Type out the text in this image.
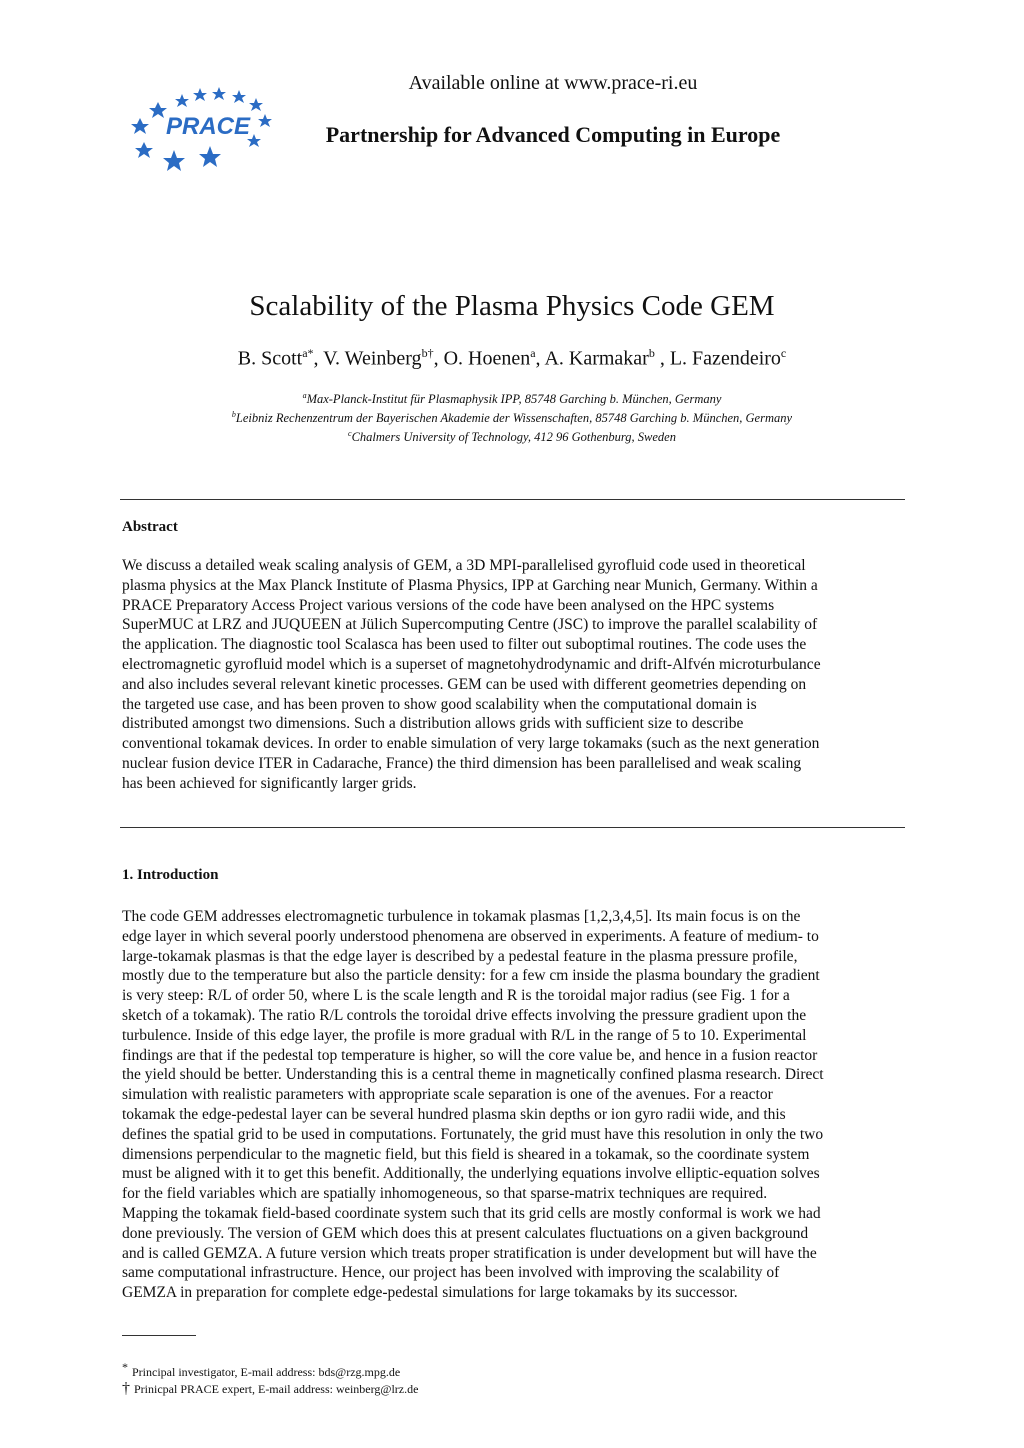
PRACE
Available online at www.prace-ri.eu
Partnership for Advanced Computing in Europe
Scalability of the Plasma Physics Code GEM
B. Scott$^{a*}$, V. Weinberg$^{b\dagger}$, O. Hoenen$^a$, A. Karmakar$^b$ , L. Fazendeiro$^c$
$^a$Max-Planck-Institut für Plasmaphysik IPP, 85748 Garching b. München, Germany
$^b$Leibniz Rechenzentrum der Bayerischen Akademie der Wissenschaften, 85748 Garching b. München, Germany
$^c$Chalmers University of Technology, 412 96 Gothenburg, Sweden
Abstract
We discuss a detailed weak scaling analysis of GEM, a 3D MPI-parallelised gyrofluid code used in theoretical
plasma physics at the Max Planck Institute of Plasma Physics, IPP at Garching near Munich, Germany. Within a
PRACE Preparatory Access Project various versions of the code have been analysed on the HPC systems
SuperMUC at LRZ and JUQUEEN at Jülich Supercomputing Centre (JSC) to improve the parallel scalability of
the application. The diagnostic tool Scalasca has been used to filter out suboptimal routines. The code uses the
electromagnetic gyrofluid model which is a superset of magnetohydrodynamic and drift-Alfvén microturbulance
and also includes several relevant kinetic processes. GEM can be used with different geometries depending on
the targeted use case, and has been proven to show good scalability when the computational domain is
distributed amongst two dimensions. Such a distribution allows grids with sufficient size to describe
conventional tokamak devices. In order to enable simulation of very large tokamaks (such as the next generation
nuclear fusion device ITER in Cadarache, France) the third dimension has been parallelised and weak scaling
has been achieved for significantly larger grids.
1. Introduction
The code GEM addresses electromagnetic turbulence in tokamak plasmas [1,2,3,4,5]. Its main focus is on the
edge layer in which several poorly understood phenomena are observed in experiments. A feature of medium- to
large-tokamak plasmas is that the edge layer is described by a pedestal feature in the plasma pressure profile,
mostly due to the temperature but also the particle density: for a few cm inside the plasma boundary the gradient
is very steep: R/L of order 50, where L is the scale length and R is the toroidal major radius (see Fig. 1 for a
sketch of a tokamak). The ratio R/L controls the toroidal drive effects involving the pressure gradient upon the
turbulence. Inside of this edge layer, the profile is more gradual with R/L in the range of 5 to 10. Experimental
findings are that if the pedestal top temperature is higher, so will the core value be, and hence in a fusion reactor
the yield should be better. Understanding this is a central theme in magnetically confined plasma research. Direct
simulation with realistic parameters with appropriate scale separation is one of the avenues. For a reactor
tokamak the edge-pedestal layer can be several hundred plasma skin depths or ion gyro radii wide, and this
defines the spatial grid to be used in computations. Fortunately, the grid must have this resolution in only the two
dimensions perpendicular to the magnetic field, but this field is sheared in a tokamak, so the coordinate system
must be aligned with it to get this benefit. Additionally, the underlying equations involve elliptic-equation solves
for the field variables which are spatially inhomogeneous, so that sparse-matrix techniques are required.
Mapping the tokamak field-based coordinate system such that its grid cells are mostly conformal is work we had
done previously. The version of GEM which does this at present calculates fluctuations on a given background
and is called GEMZA. A future version which treats proper stratification is under development but will have the
same computational infrastructure. Hence, our project has been involved with improving the scalability of
GEMZA in preparation for complete edge-pedestal simulations for large tokamaks by its successor.
* Principal investigator, E-mail address: bds@rzg.mpg.de
† Prinicpal PRACE expert, E-mail address: weinberg@lrz.de
